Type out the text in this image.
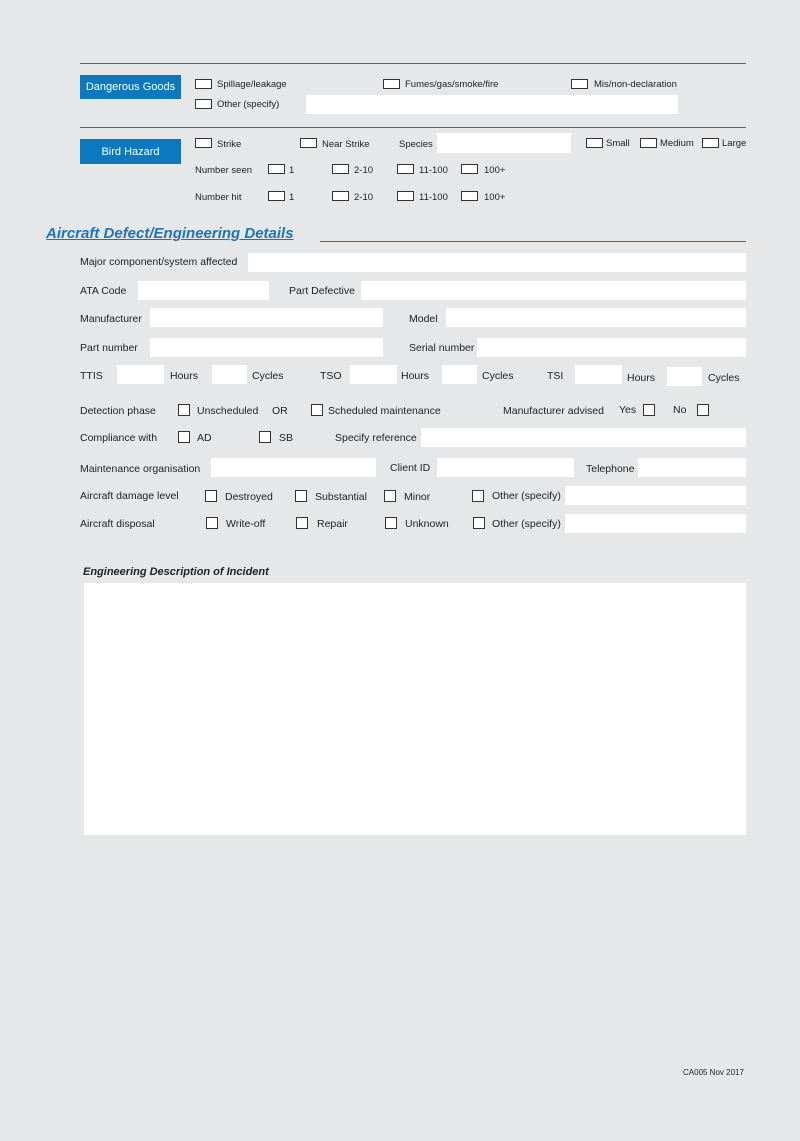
Dangerous Goods	Spillage/leakage	Fumes/gas/smoke/fire	Mis/non-declaration
Other (specify)
Bird Hazard
Strike	Near Strike	Species	Small	Medium	Large
Number seen	1	2-10	11-100	100+
Number hit	1	2-10	11-100	100+
Aircraft Defect/Engineering Details
Major component/system affected
ATA Code	Part Defective
Manufacturer	Model
Part number	Serial number
TTIS	Hours	Cycles	TSO	Hours	Cycles	TSI	Hours	Cycles
Detection phase	Unscheduled OR	Scheduled maintenance	Manufacturer advised Yes	No
Compliance with	AD	SB	Specify reference
Maintenance organisation	Client ID	Telephone
Aircraft damage level	Destroyed	Substantial	Minor	Other (specify)
Aircraft disposal	Write-off	Repair	Unknown	Other (specify)
Engineering Description of Incident
CA005 Nov 2017
